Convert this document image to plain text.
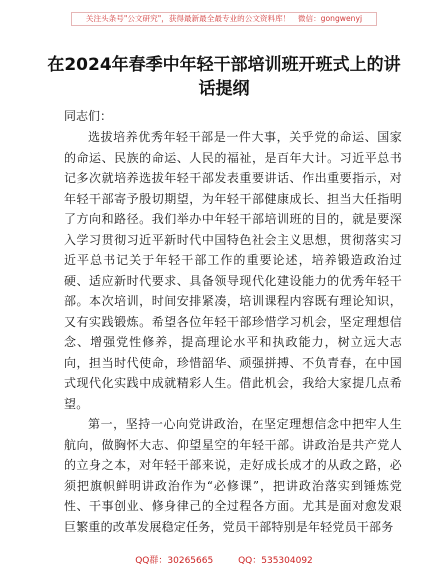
关注头条号"公文研究"，获得最新最全最专业的公文资料库！　微信：gongwenyj
在2024年春季中年轻干部培训班开班式上的讲话提纲

同志们：

选拔培养优秀年轻干部是一件大事，关乎党的命运、国家的命运、民族的命运、人民的福祉，是百年大计。习近平总书记多次就培养选拔年轻干部发表重要讲话、作出重要指示，对年轻干部寄予殷切期望，为年轻干部健康成长、担当大任指明了方向和路径。我们举办中年轻干部培训班的目的，就是要深入学习贯彻习近平新时代中国特色社会主义思想，贯彻落实习近平总书记关于年轻干部工作的重要论述，培养锻造政治过硬、适应新时代要求、具备领导现代化建设能力的优秀年轻干部。本次培训，时间安排紧凑，培训课程内容既有理论知识，又有实践锻炼。希望各位年轻干部珍惜学习机会，坚定理想信念、增强党性修养，提高理论水平和执政能力，树立远大志向，担当时代使命，珍惜韶华、顽强拼搏、不负青春，在中国式现代化实践中成就精彩人生。借此机会，我给大家提几点希望。

第一，坚持一心向党讲政治，在坚定理想信念中把牢人生航向，做胸怀大志、仰望星空的年轻干部。讲政治是共产党人的立身之本，对年轻干部来说，走好成长成才的从政之路，必须把旗帜鲜明讲政治作为“必修课”，把讲政治落实到锤炼党性、干事创业、修身律己的全过程各方面。尤其是面对愈发艰巨繁重的改革发展稳定任务，党员干部特别是年轻党员干部务

QQ群：30265665	QQ：535304092
